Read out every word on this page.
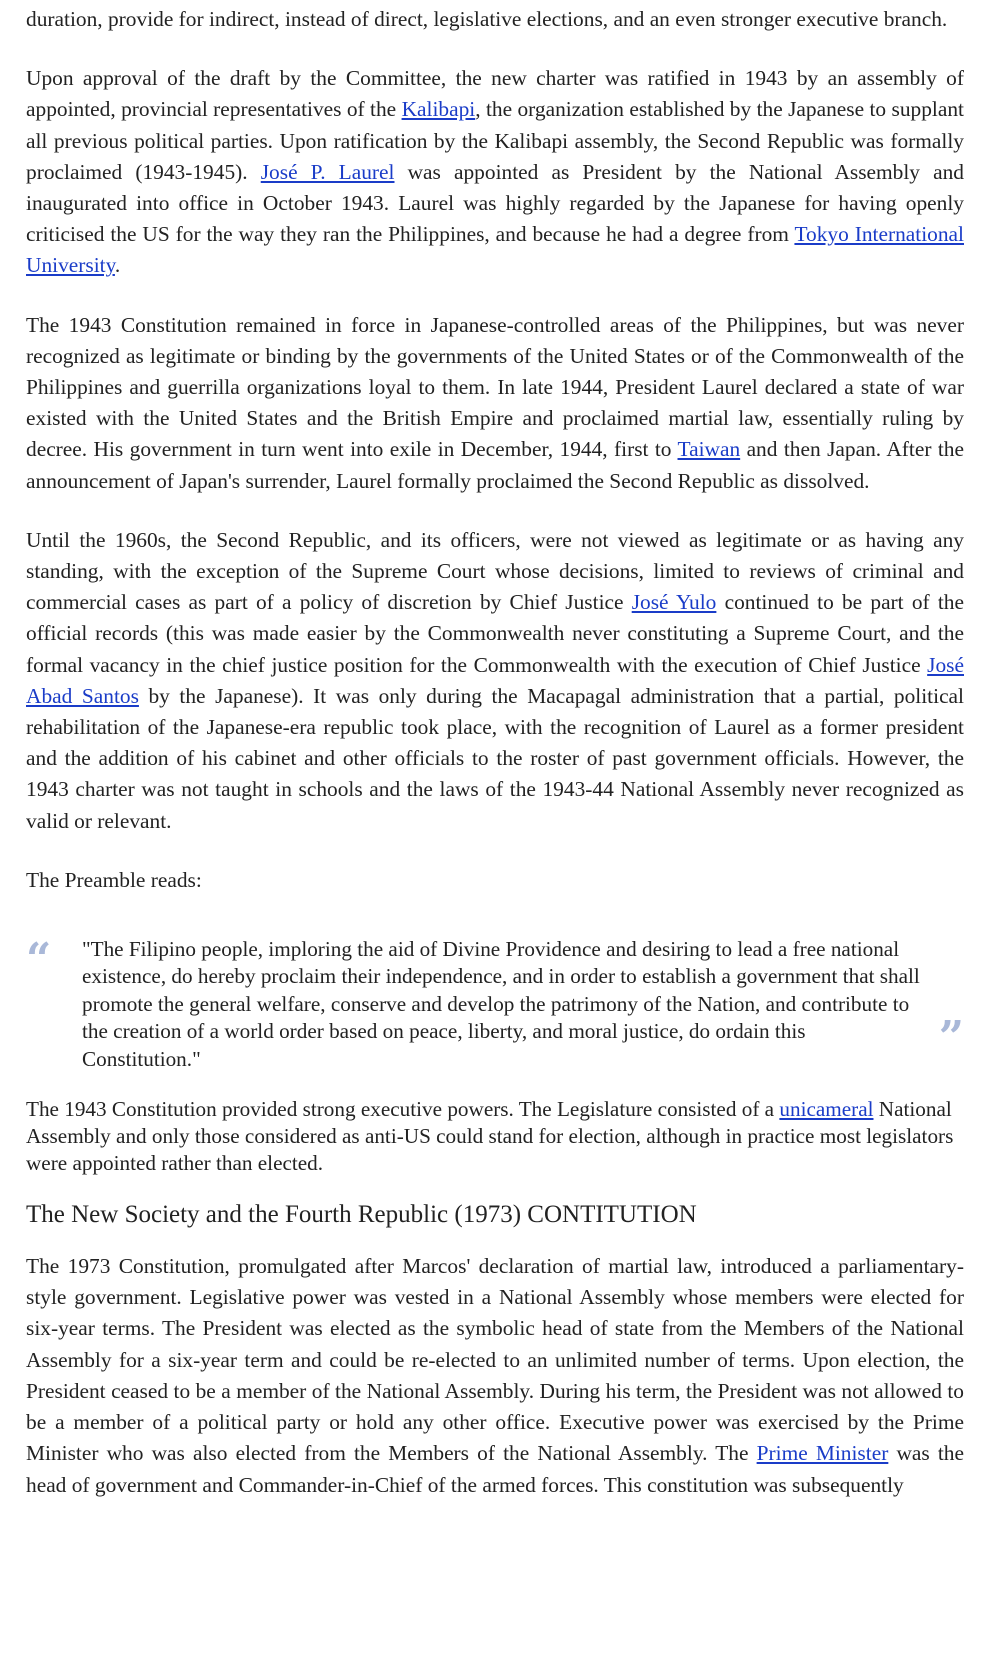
duration, provide for indirect, instead of direct, legislative elections, and an even stronger executive branch.

Upon approval of the draft by the Committee, the new charter was ratified in 1943 by an assembly of appointed, provincial representatives of the Kalibapi, the organization established by the Japanese to supplant all previous political parties. Upon ratification by the Kalibapi assembly, the Second Republic was formally proclaimed (1943-1945). José P. Laurel was appointed as President by the National Assembly and inaugurated into office in October 1943. Laurel was highly regarded by the Japanese for having openly criticised the US for the way they ran the Philippines, and because he had a degree from Tokyo International University.

The 1943 Constitution remained in force in Japanese-controlled areas of the Philippines, but was never recognized as legitimate or binding by the governments of the United States or of the Commonwealth of the Philippines and guerrilla organizations loyal to them. In late 1944, President Laurel declared a state of war existed with the United States and the British Empire and proclaimed martial law, essentially ruling by decree. His government in turn went into exile in December, 1944, first to Taiwan and then Japan. After the announcement of Japan's surrender, Laurel formally proclaimed the Second Republic as dissolved.

Until the 1960s, the Second Republic, and its officers, were not viewed as legitimate or as having any standing, with the exception of the Supreme Court whose decisions, limited to reviews of criminal and commercial cases as part of a policy of discretion by Chief Justice José Yulo continued to be part of the official records (this was made easier by the Commonwealth never constituting a Supreme Court, and the formal vacancy in the chief justice position for the Commonwealth with the execution of Chief Justice José Abad Santos by the Japanese). It was only during the Macapagal administration that a partial, political rehabilitation of the Japanese-era republic took place, with the recognition of Laurel as a former president and the addition of his cabinet and other officials to the roster of past government officials. However, the 1943 charter was not taught in schools and the laws of the 1943-44 National Assembly never recognized as valid or relevant.

The Preamble reads:

“ "The Filipino people, imploring the aid of Divine Providence and desiring to lead a free national existence, do hereby proclaim their independence, and in order to establish a government that shall promote the general welfare, conserve and develop the patrimony of the Nation, and contribute to the creation of a world order based on peace, liberty, and moral justice, do ordain this Constitution."	”

The 1943 Constitution provided strong executive powers. The Legislature consisted of a unicameral National Assembly and only those considered as anti-US could stand for election, although in practice most legislators were appointed rather than elected.

The New Society and the Fourth Republic (1973) CONTITUTION

The 1973 Constitution, promulgated after Marcos' declaration of martial law, introduced a parliamentary-style government. Legislative power was vested in a National Assembly whose members were elected for six-year terms. The President was elected as the symbolic head of state from the Members of the National Assembly for a six-year term and could be re-elected to an unlimited number of terms. Upon election, the President ceased to be a member of the National Assembly. During his term, the President was not allowed to be a member of a political party or hold any other office. Executive power was exercised by the Prime Minister who was also elected from the Members of the National Assembly. The Prime Minister was the head of government and Commander-in-Chief of the armed forces. This constitution was subsequently
